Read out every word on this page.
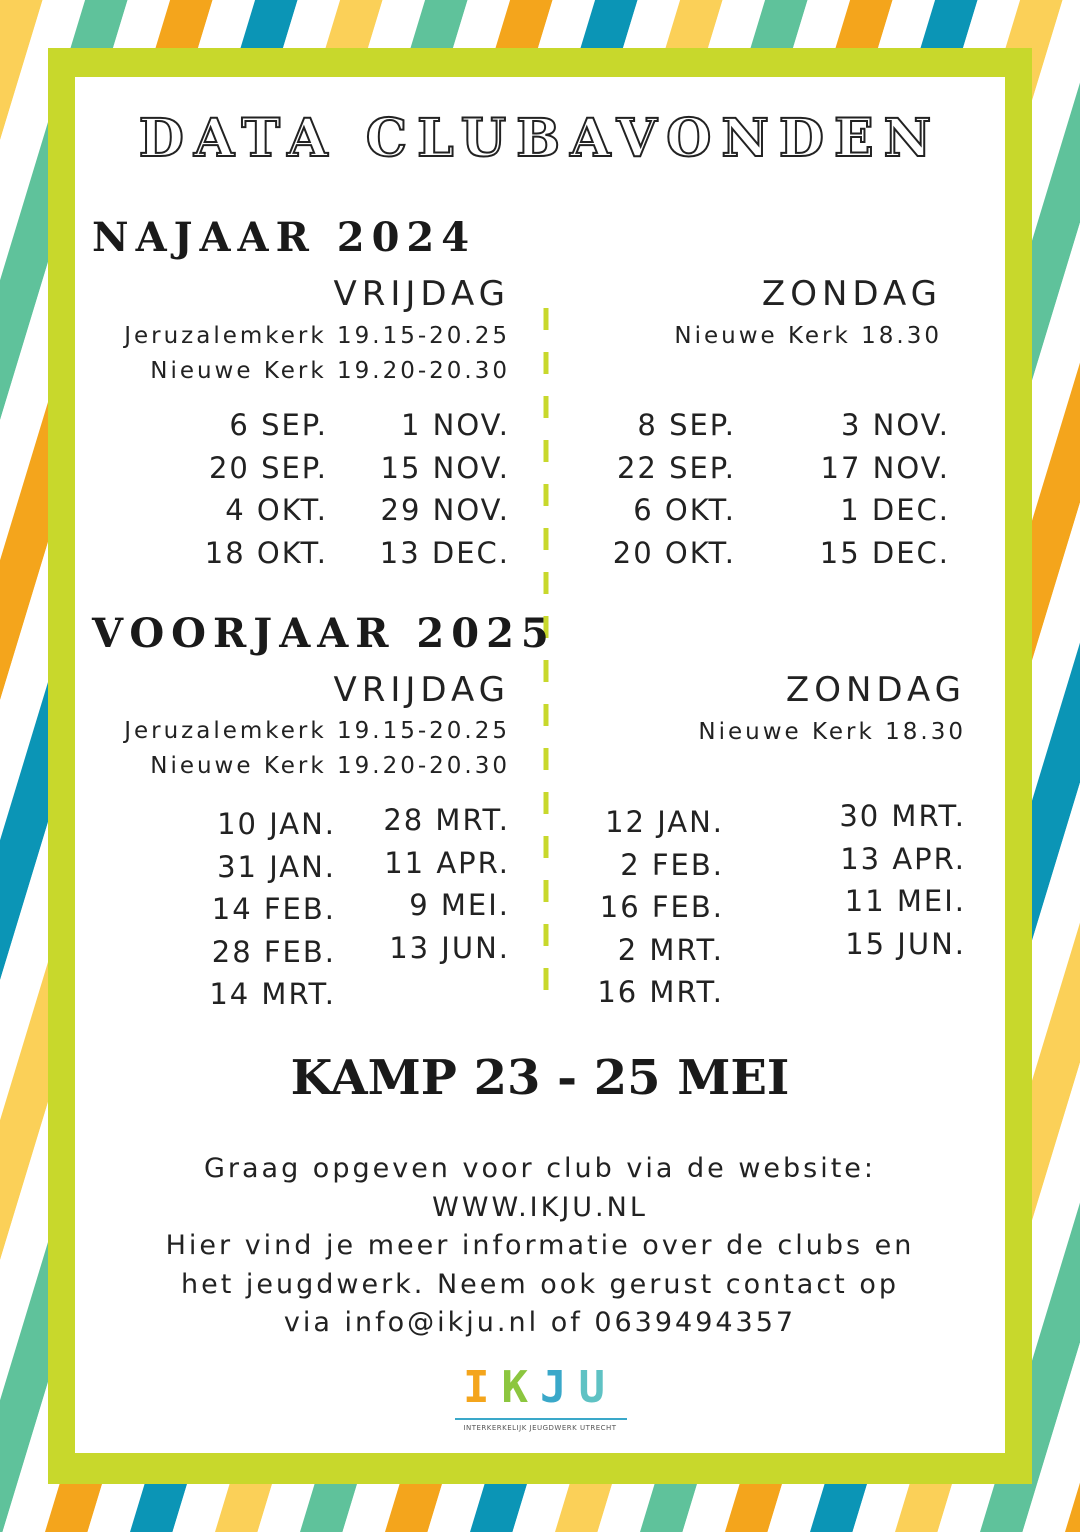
DATA CLUBAVONDEN
NAJAAR 2024
VRIJDAG
Jeruzalemkerk 19.15-20.25
Nieuwe Kerk 19.20-20.30
6 SEP.
20 SEP.
4 OKT.
18 OKT.
1 NOV.
15 NOV.
29 NOV.
13 DEC.
ZONDAG
Nieuwe Kerk 18.30
8 SEP.
22 SEP.
6 OKT.
20 OKT.
3 NOV.
17 NOV.
1 DEC.
15 DEC.
VOORJAAR 2025
VRIJDAG
Jeruzalemkerk 19.15-20.25
Nieuwe Kerk 19.20-20.30
10 JAN.
31 JAN.
14 FEB.
28 FEB.
14 MRT.
28 MRT.
11 APR.
9 MEI.
13 JUN.
ZONDAG
Nieuwe Kerk 18.30
12 JAN.
2 FEB.
16 FEB.
2 MRT.
16 MRT.
30 MRT.
13 APR.
11 MEI.
15 JUN.
KAMP 23 - 25 MEI
Graag opgeven voor club via de website:
WWW.IKJU.NL
Hier vind je meer informatie over de clubs en
het jeugdwerk. Neem ook gerust contact op
via info@ikju.nl of 0639494357
IKJU
INTERKERKELIJK JEUGDWERK UTRECHT
